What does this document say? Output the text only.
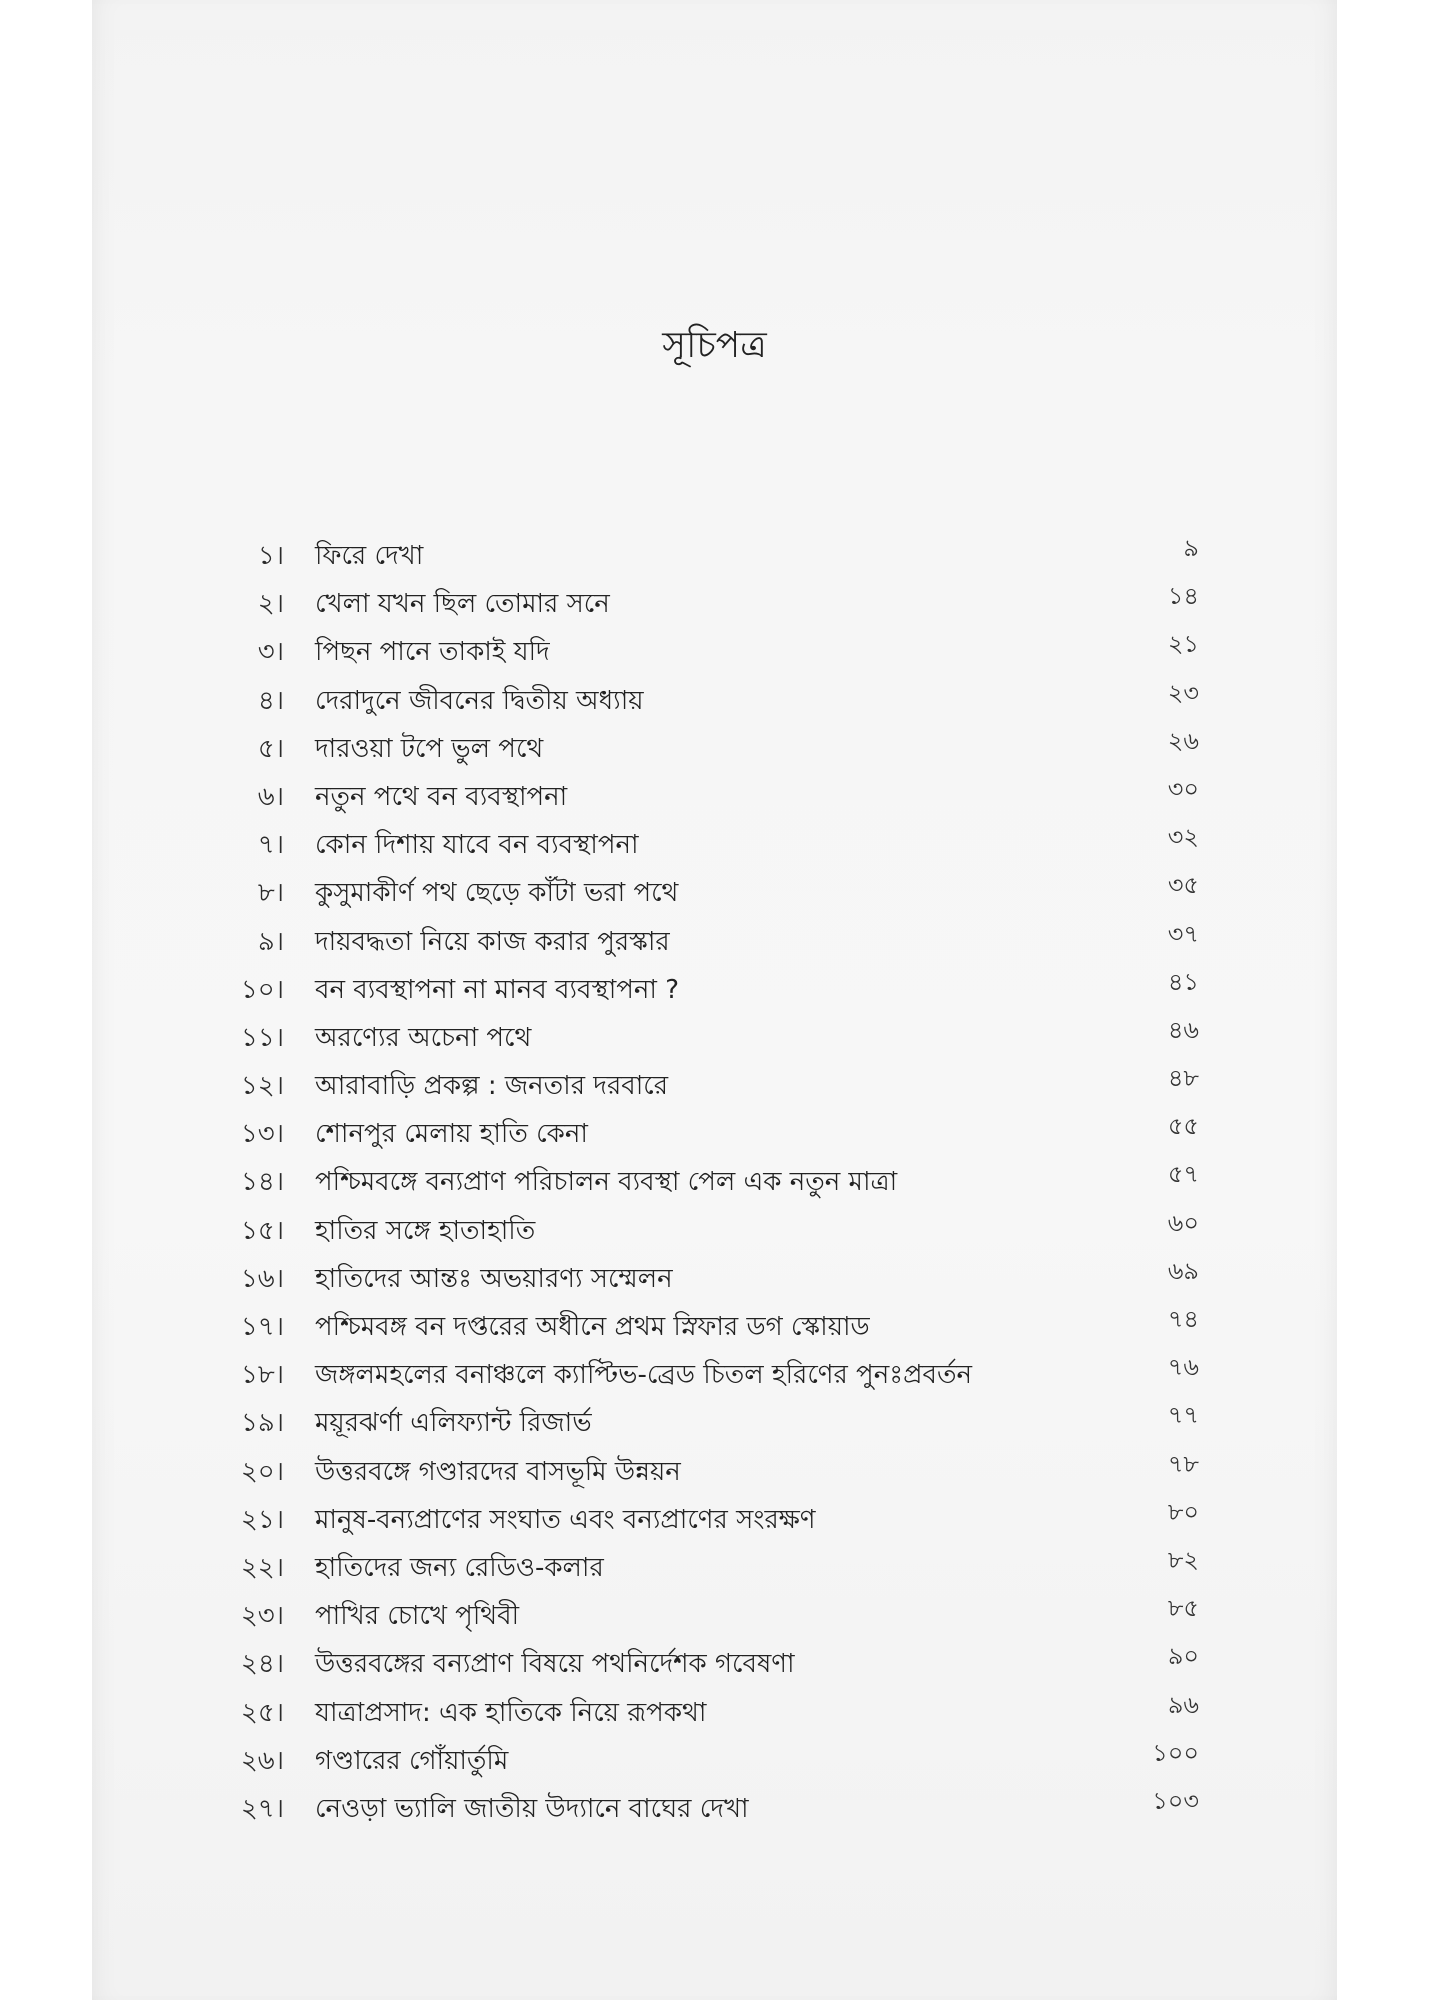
সূচিপত্র
১। ফিরে দেখা	৯
২। খেলা যখন ছিল তোমার সনে	১৪
৩। পিছন পানে তাকাই যদি	২১
৪। দেরাদুনে জীবনের দ্বিতীয় অধ্যায়	২৩
৫। দারওয়া টপে ভুল পথে	২৬
৬। নতুন পথে বন ব্যবস্থাপনা	৩০
৭। কোন দিশায় যাবে বন ব্যবস্থাপনা	৩২
৮। কুসুমাকীর্ণ পথ ছেড়ে কাঁটা ভরা পথে	৩৫
৯। দায়বদ্ধতা নিয়ে কাজ করার পুরস্কার	৩৭
১০। বন ব্যবস্থাপনা না মানব ব্যবস্থাপনা ?	৪১
১১। অরণ্যের অচেনা পথে	৪৬
১২। আরাবাড়ি প্রকল্প : জনতার দরবারে	৪৮
১৩। শোনপুর মেলায় হাতি কেনা	৫৫
১৪। পশ্চিমবঙ্গে বন্যপ্রাণ পরিচালন ব্যবস্থা পেল এক নতুন মাত্রা	৫৭
১৫। হাতির সঙ্গে হাতাহাতি	৬০
১৬। হাতিদের আন্তঃ অভয়ারণ্য সম্মেলন	৬৯
১৭। পশ্চিমবঙ্গ বন দপ্তরের অধীনে প্রথম স্নিফার ডগ স্কোয়াড	৭৪
১৮। জঙ্গলমহলের বনাঞ্চলে ক্যাপ্টিভ-ব্রেড চিতল হরিণের পুনঃপ্রবর্তন	৭৬
১৯। ময়ূরঝর্ণা এলিফ্যান্ট রিজার্ভ	৭৭
২০। উত্তরবঙ্গে গণ্ডারদের বাসভূমি উন্নয়ন	৭৮
২১। মানুষ-বন্যপ্রাণের সংঘাত এবং বন্যপ্রাণের সংরক্ষণ	৮০
২২। হাতিদের জন্য রেডিও-কলার	৮২
২৩। পাখির চোখে পৃথিবী	৮৫
২৪। উত্তরবঙ্গের বন্যপ্রাণ বিষয়ে পথনির্দেশক গবেষণা	৯০
২৫। যাত্রাপ্রসাদ: এক হাতিকে নিয়ে রূপকথা	৯৬
২৬। গণ্ডারের গোঁয়ার্তুমি	১০০
২৭। নেওড়া ভ্যালি জাতীয় উদ্যানে বাঘের দেখা	১০৩
